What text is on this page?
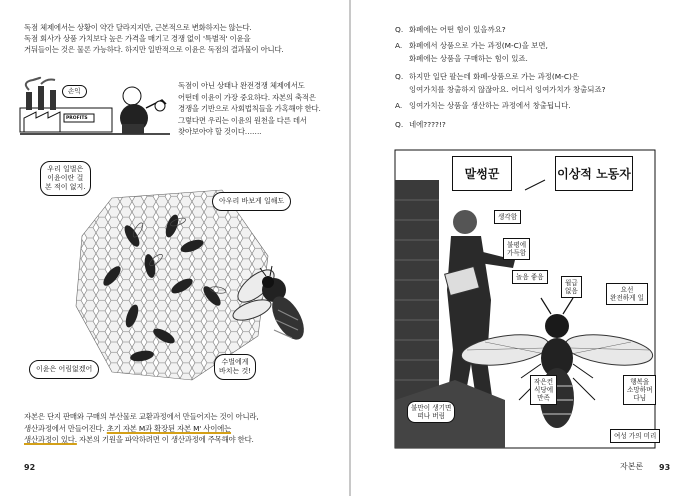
독점 체제에서는 상황이 약간 달라지지만, 근본적으로 변화하지는 않는다.
독점 회사가 상품 가치보다 높은 가격을 매기고 경쟁 없이 '특별적' 이윤을
거둬들이는 것은 물론 가능하다. 하지만 일반적으로 이윤은 독점의 결과물이 아니다.
손익
PROFITS
독점이 아닌 상태나 완전경쟁 체제에서도
어떤데 이윤이 가장 중요하다. 자본의 축적은
경쟁을 기반으로 사회법칙들을 가혹해야 한다.
그렇다면 우리는 이윤의 원천을 다른 데서
찾아보아야 할 것이다…….
우리 일벌은
이윤이란 걸
본 적이 없지.
아우리 바보게 일해도
이윤은 어림없겠어
수벌에게
바치는 것!
자본은 단지 판매와 구매의 부산물로 교환과정에서 만들어지는 것이 아니라,
생산과정에서 만들어진다. 초기 자본 M과 확장된 자본 M' 사이에는
생산과정이 있다. 자본의 기원을 파악하려면 이 생산과정에 주목해야 한다.
92
Q. 화폐에는 어떤 힘이 있을까요?
A. 화폐에서 상품으로 가는 과정(M-C)을 보면,
화폐에는 상품을 구매하는 힘이 있죠.
Q. 하지만 일단 팔는데 화폐-상품으로 가는 과정(M-C)은
잉여가치를 창출하지 않잖아요. 어디서 잉여가치가 창출되죠?
A. 잉여가치는 상품을 생산하는 과정에서 창출됩니다.
Q. 네에????!?
말썽꾼	이상적 노동자
생각함
불평에
가득함
놀음 좋음
월급
없음	요선
완전하게 일
작은컨
식당에
만족
행복을
소망하며
다님
불만이 생기면
떠나 버림
여성 가의 미리
자본론 93
